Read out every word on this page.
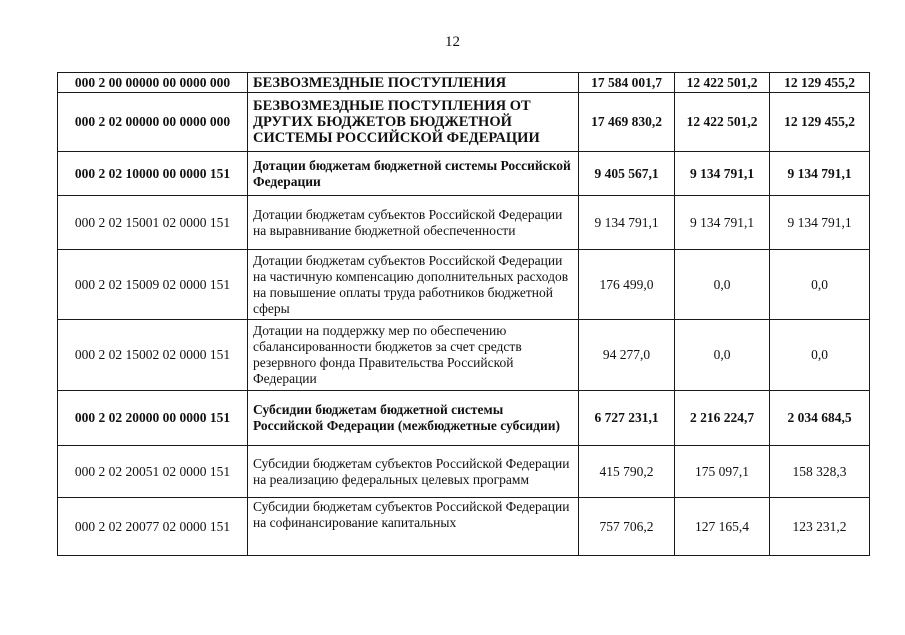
12
000 2 00 00000 00 0000 000	БЕЗВОЗМЕЗДНЫЕ ПОСТУПЛЕНИЯ	17 584 001,7	12 422 501,2	12 129 455,2
000 2 02 00000 00 0000 000	БЕЗВОЗМЕЗДНЫЕ ПОСТУПЛЕНИЯ ОТ ДРУГИХ БЮДЖЕТОВ БЮДЖЕТНОЙ СИСТЕМЫ РОССИЙСКОЙ ФЕДЕРАЦИИ	17 469 830,2	12 422 501,2	12 129 455,2
000 2 02 10000 00 0000 151	Дотации бюджетам бюджетной системы Российской Федерации	9 405 567,1	9 134 791,1	9 134 791,1
000 2 02 15001 02 0000 151	Дотации бюджетам субъектов Российской Федерации на выравнивание бюджетной обеспеченности	9 134 791,1	9 134 791,1	9 134 791,1
000 2 02 15009 02 0000 151	Дотации бюджетам субъектов Российской Федерации на частичную компенсацию дополнительных расходов на повышение оплаты труда работников бюджетной сферы	176 499,0	0,0	0,0
000 2 02 15002 02 0000 151	Дотации на поддержку мер по обеспечению сбалансированности бюджетов за счет средств резервного фонда Правительства Российской Федерации	94 277,0	0,0	0,0
000 2 02 20000 00 0000 151	Субсидии бюджетам бюджетной системы Российской Федерации (межбюджетные субсидии)	6 727 231,1	2 216 224,7	2 034 684,5
000 2 02 20051 02 0000 151	Субсидии бюджетам субъектов Российской Федерации на реализацию федеральных целевых программ	415 790,2	175 097,1	158 328,3
000 2 02 20077 02 0000 151	Субсидии бюджетам субъектов Российской Федерации на софинансирование капитальных	757 706,2	127 165,4	123 231,2
